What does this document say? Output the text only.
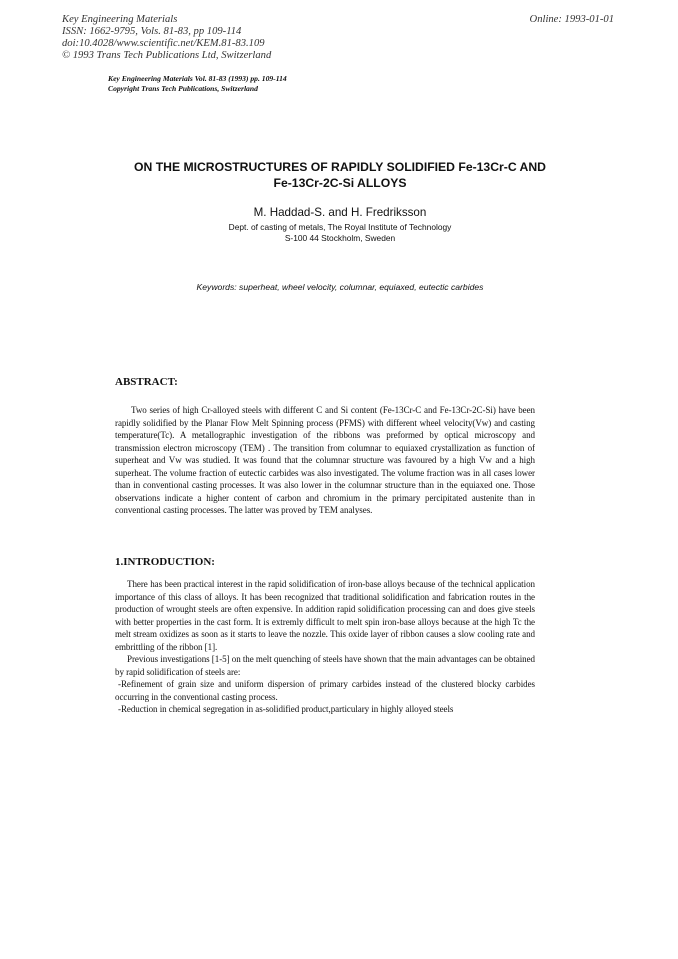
Key Engineering Materials
ISSN: 1662-9795, Vols. 81-83, pp 109-114
doi:10.4028/www.scientific.net/KEM.81-83.109
© 1993 Trans Tech Publications Ltd, Switzerland
Online: 1993-01-01
Key Engineering Materials Vol. 81-83 (1993) pp. 109-114
Copyright Trans Tech Publications, Switzerland
ON THE MICROSTRUCTURES OF RAPIDLY SOLIDIFIED Fe-13Cr-C AND
Fe-13Cr-2C-Si ALLOYS
M. Haddad-S. and H. Fredriksson
Dept. of casting of metals, The Royal Institute of Technology
S-100 44 Stockholm, Sweden
Keywords: superheat, wheel velocity, columnar, equiaxed, eutectic carbides
ABSTRACT:

Two series of high Cr-alloyed steels with different C and Si content (Fe-13Cr-C and Fe-13Cr-2C-Si) have been rapidly solidified by the Planar Flow Melt Spinning process (PFMS) with different wheel velocity(Vw) and casting temperature(Tc). A metallographic investigation of the ribbons was preformed by optical microscopy and transmission electron microscopy (TEM) . The transition from columnar to equiaxed crystallization as function of superheat and Vw was studied. It was found that the columnar structure was favoured by a high Vw and a high superheat. The volume fraction of eutectic carbides was also investigated. The volume fraction was in all cases lower than in conventional casting processes. It was also lower in the columnar structure than in the equiaxed one. Those observations indicate a higher content of carbon and chromium in the primary percipitated austenite than in conventional casting processes. The latter was proved by TEM analyses.

1.INTRODUCTION:

There has been practical interest in the rapid solidification of iron-base alloys because of the technical application importance of this class of alloys. It has been recognized that traditional solidification and fabrication routes in the production of wrought steels are often expensive. In addition rapid solidification processing can and does give steels with better properties in the cast form. It is extremly difficult to melt spin iron-base alloys because at the high Tc the melt stream oxidizes as soon as it starts to leave the nozzle. This oxide layer of ribbon causes a slow cooling rate and embrittling of the ribbon [1].

Previous investigations [1-5] on the melt quenching of steels have shown that the main advantages can be obtained by rapid solidification of steels are:

-Refinement of grain size and uniform dispersion of primary carbides instead of the clustered blocky carbides occurring in the conventional casting process.

-Reduction in chemical segregation in as-solidified product,particulary in highly alloyed steels
